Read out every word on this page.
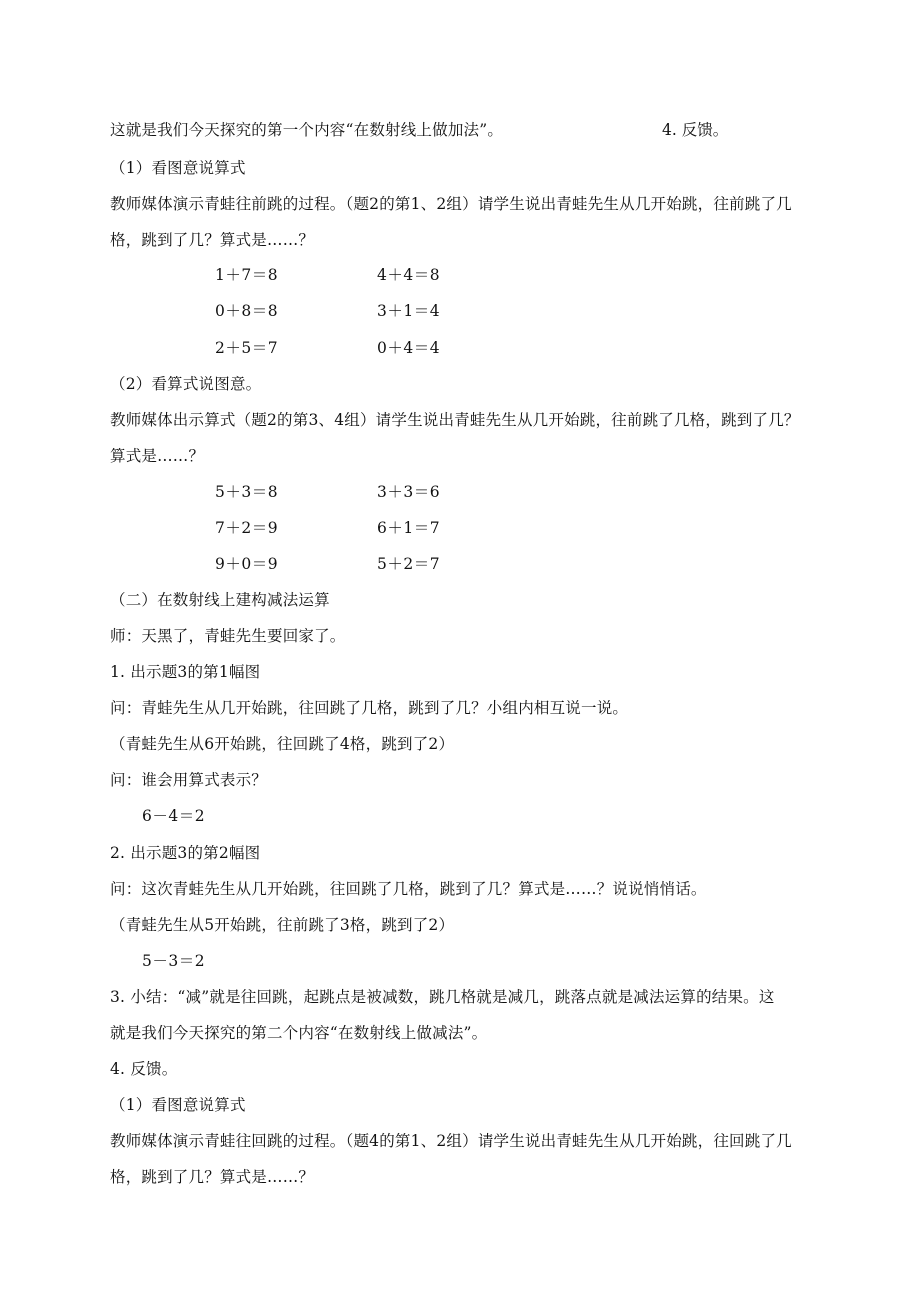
这就是我们今天探究的第一个内容“在数射线上做加法”。	4. 反馈。
（1）看图意说算式
教师媒体演示青蛙往前跳的过程。（题2的第1、2组）请学生说出青蛙先生从几开始跳，往前跳了几
格，跳到了几？算式是……？
1＋7＝8	4＋4＝8
0＋8＝8	3＋1＝4
2＋5＝7	0＋4＝4
（2）看算式说图意。
教师媒体出示算式（题2的第3、4组）请学生说出青蛙先生从几开始跳，往前跳了几格，跳到了几？
算式是……？
5＋3＝8	3＋3＝6
7＋2＝9	6＋1＝7
9＋0＝9	5＋2＝7
（二）在数射线上建构减法运算
师：天黑了，青蛙先生要回家了。
1. 出示题3的第1幅图
问：青蛙先生从几开始跳，往回跳了几格，跳到了几？小组内相互说一说。
（青蛙先生从6开始跳，往回跳了4格，跳到了2）
问：谁会用算式表示？
6－4＝2
2. 出示题3的第2幅图
问：这次青蛙先生从几开始跳，往回跳了几格，跳到了几？算式是……？说说悄悄话。
（青蛙先生从5开始跳，往前跳了3格，跳到了2）
5－3＝2
3. 小结：“减”就是往回跳，起跳点是被减数，跳几格就是减几，跳落点就是减法运算的结果。这
就是我们今天探究的第二个内容“在数射线上做减法”。
4. 反馈。
（1）看图意说算式
教师媒体演示青蛙往回跳的过程。（题4的第1、2组）请学生说出青蛙先生从几开始跳，往回跳了几
格，跳到了几？算式是……？
